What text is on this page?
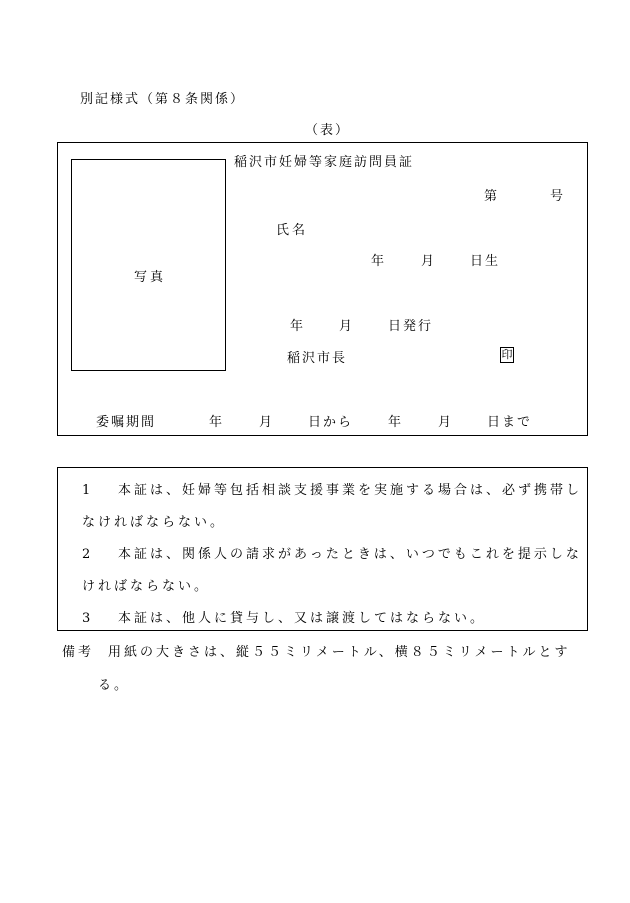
別記様式（第８条関係）
（表）
稲沢市妊婦等家庭訪問員証
写真
第	号
氏名
年	月	日生
年	月	日発行
稲沢市長	印
委嘱期間	年	月	日から	年	月	日まで
1 本証は、妊婦等包括相談支援事業を実施する場合は、必ず携帯し
なければならない。
2 本証は、関係人の請求があったときは、いつでもこれを提示しな
ければならない。
3 本証は、他人に貸与し、又は譲渡してはならない。
備考 用紙の大きさは、縦５５ミリメートル、横８５ミリメートルとす
る。
